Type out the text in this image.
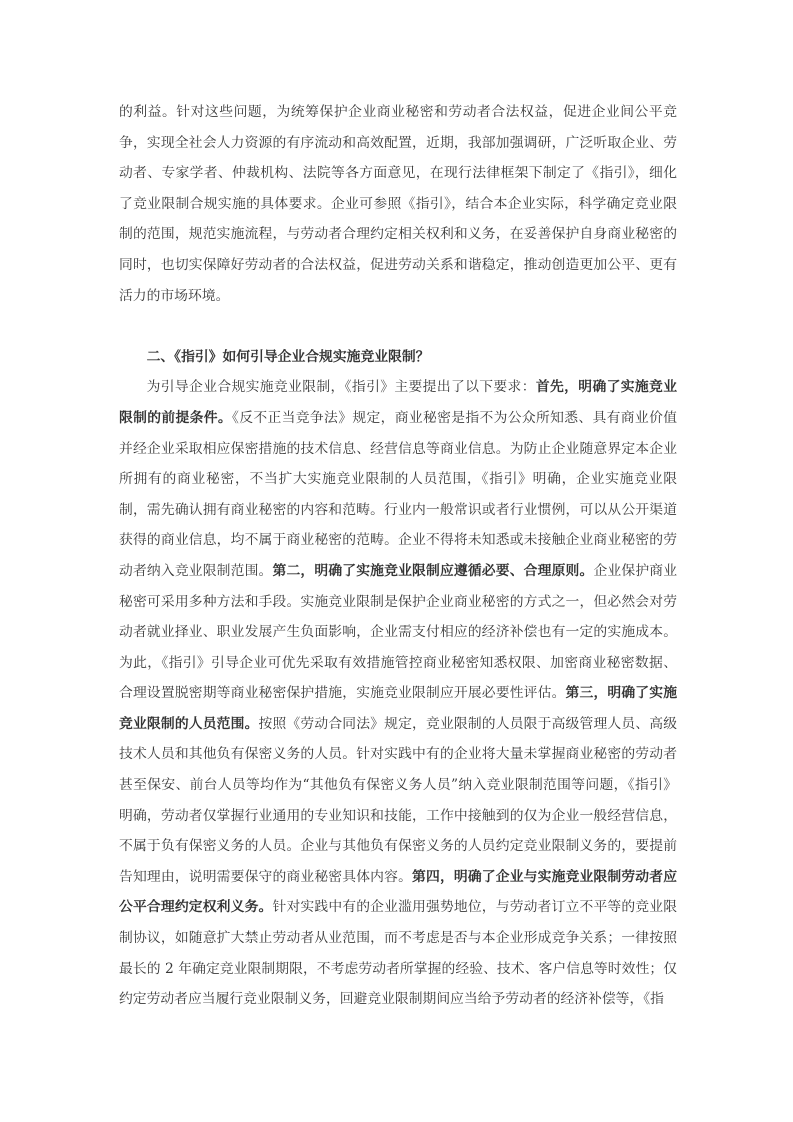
的利益。针对这些问题，为统筹保护企业商业秘密和劳动者合法权益，促进企业间公平竞争，实现全社会人力资源的有序流动和高效配置，近期，我部加强调研，广泛听取企业、劳动者、专家学者、仲裁机构、法院等各方面意见，在现行法律框架下制定了《指引》，细化了竞业限制合规实施的具体要求。企业可参照《指引》，结合本企业实际，科学确定竞业限制的范围，规范实施流程，与劳动者合理约定相关权利和义务，在妥善保护自身商业秘密的同时，也切实保障好劳动者的合法权益，促进劳动关系和谐稳定，推动创造更加公平、更有活力的市场环境。

二、《指引》如何引导企业合规实施竞业限制？

为引导企业合规实施竞业限制，《指引》主要提出了以下要求：首先，明确了实施竞业限制的前提条件。《反不正当竞争法》规定，商业秘密是指不为公众所知悉、具有商业价值并经企业采取相应保密措施的技术信息、经营信息等商业信息。为防止企业随意界定本企业所拥有的商业秘密，不当扩大实施竞业限制的人员范围，《指引》明确，企业实施竞业限制，需先确认拥有商业秘密的内容和范畴。行业内一般常识或者行业惯例，可以从公开渠道获得的商业信息，均不属于商业秘密的范畴。企业不得将未知悉或未接触企业商业秘密的劳动者纳入竞业限制范围。第二，明确了实施竞业限制应遵循必要、合理原则。企业保护商业秘密可采用多种方法和手段。实施竞业限制是保护企业商业秘密的方式之一，但必然会对劳动者就业择业、职业发展产生负面影响，企业需支付相应的经济补偿也有一定的实施成本。为此，《指引》引导企业可优先采取有效措施管控商业秘密知悉权限、加密商业秘密数据、合理设置脱密期等商业秘密保护措施，实施竞业限制应开展必要性评估。第三，明确了实施竞业限制的人员范围。按照《劳动合同法》规定，竞业限制的人员限于高级管理人员、高级技术人员和其他负有保密义务的人员。针对实践中有的企业将大量未掌握商业秘密的劳动者甚至保安、前台人员等均作为“其他负有保密义务人员”纳入竞业限制范围等问题，《指引》明确，劳动者仅掌握行业通用的专业知识和技能，工作中接触到的仅为企业一般经营信息，不属于负有保密义务的人员。企业与其他负有保密义务的人员约定竞业限制义务的，要提前告知理由，说明需要保守的商业秘密具体内容。第四，明确了企业与实施竞业限制劳动者应公平合理约定权利义务。针对实践中有的企业滥用强势地位，与劳动者订立不平等的竞业限制协议，如随意扩大禁止劳动者从业范围，而不考虑是否与本企业形成竞争关系；一律按照最长的 2 年确定竞业限制期限，不考虑劳动者所掌握的经验、技术、客户信息等时效性；仅约定劳动者应当履行竞业限制义务，回避竞业限制期间应当给予劳动者的经济补偿等，《指
